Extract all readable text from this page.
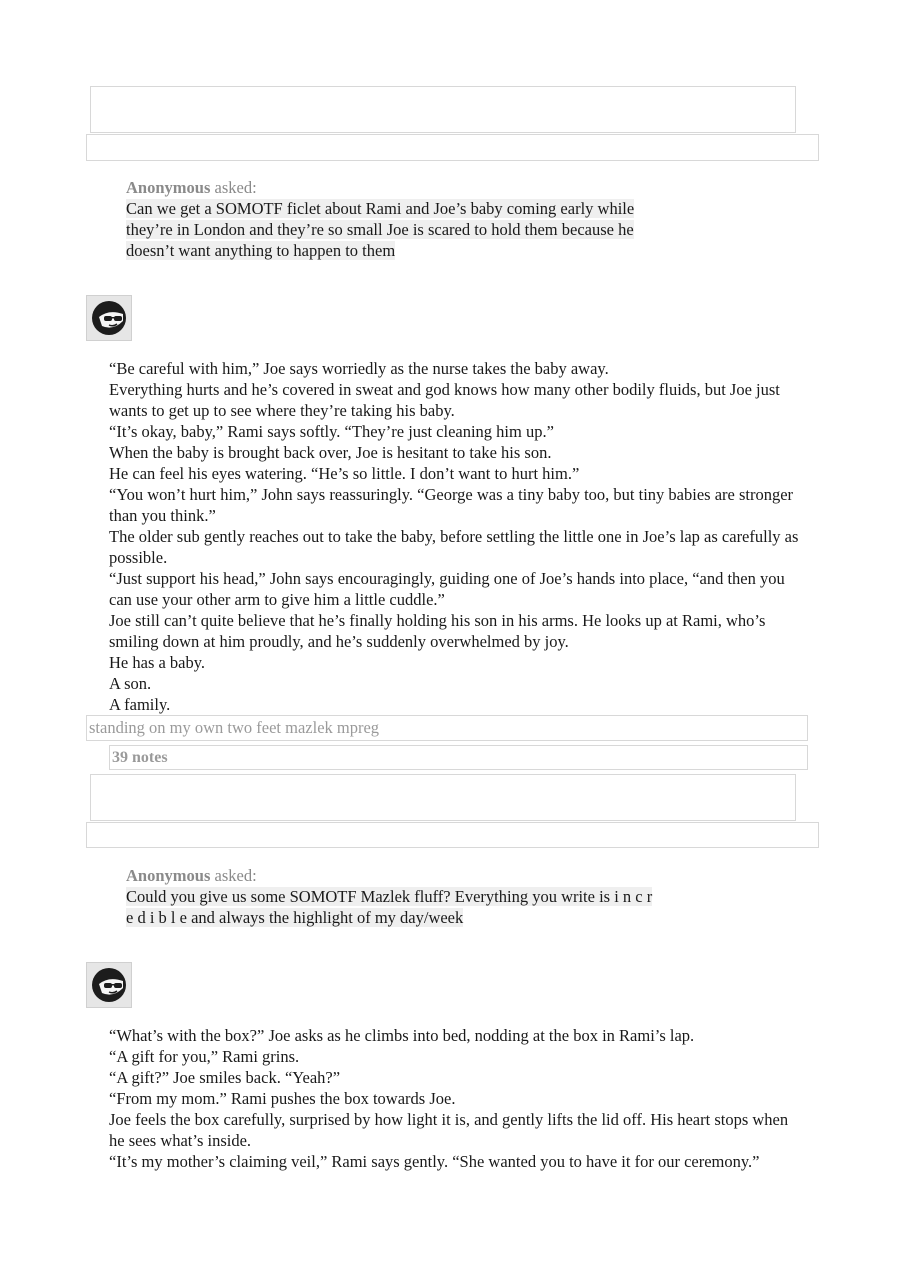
Anonymous asked:
Can we get a SOMOTF ficlet about Rami and Joe’s baby coming early while
they’re in London and they’re so small Joe is scared to hold them because he
doesn’t want anything to happen to them

“Be careful with him,” Joe says worriedly as the nurse takes the baby away.

Everything hurts and he’s covered in sweat and god knows how many other bodily fluids, but Joe just wants to get up to see where they’re taking his baby.

“It’s okay, baby,” Rami says softly. “They’re just cleaning him up.”

When the baby is brought back over, Joe is hesitant to take his son.

He can feel his eyes watering. “He’s so little. I don’t want to hurt him.”

“You won’t hurt him,” John says reassuringly. “George was a tiny baby too, but tiny babies are stronger than you think.”

The older sub gently reaches out to take the baby, before settling the little one in Joe’s lap as carefully as possible.

“Just support his head,” John says encouragingly, guiding one of Joe’s hands into place, “and then you can use your other arm to give him a little cuddle.”

Joe still can’t quite believe that he’s finally holding his son in his arms. He looks up at Rami, who’s smiling down at him proudly, and he’s suddenly overwhelmed by joy.

He has a baby.

A son.

A family.

standing on my own two feet mazlek mpreg
39 notes
Anonymous asked:
Could you give us some SOMOTF Mazlek fluff? Everything you write is i n c r
e d i b l e and always the highlight of my day/week

“What’s with the box?” Joe asks as he climbs into bed, nodding at the box in Rami’s lap.

“A gift for you,” Rami grins.

“A gift?” Joe smiles back. “Yeah?”

“From my mom.” Rami pushes the box towards Joe.

Joe feels the box carefully, surprised by how light it is, and gently lifts the lid off. His heart stops when he sees what’s inside.

“It’s my mother’s claiming veil,” Rami says gently. “She wanted you to have it for our ceremony.”
